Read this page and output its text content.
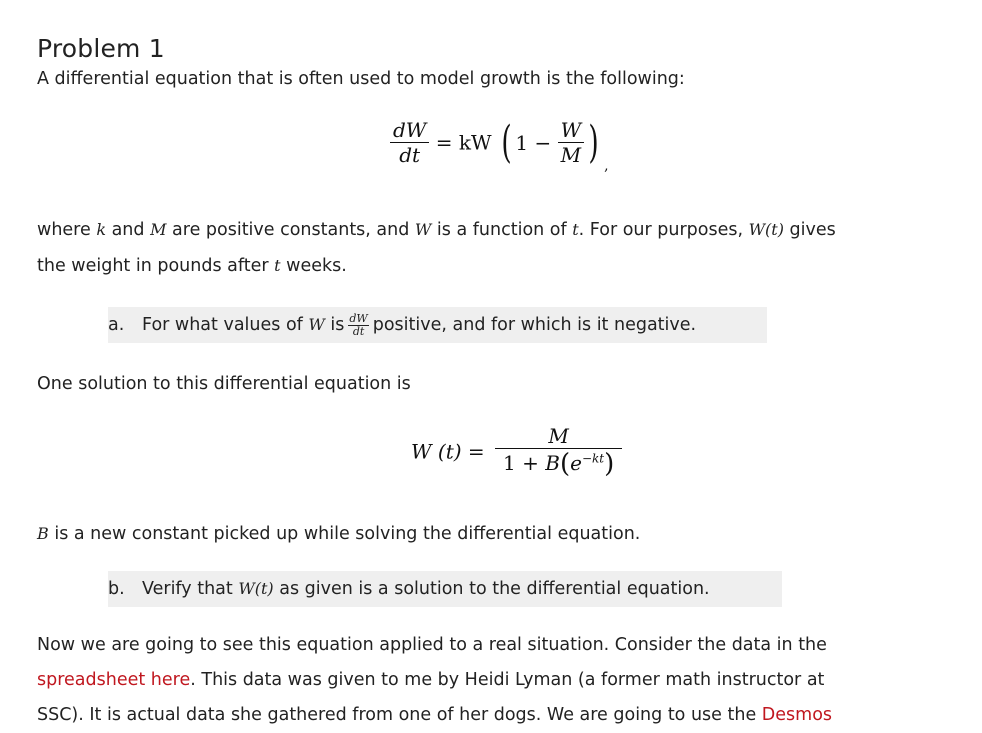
Problem 1

A differential equation that is often used to model growth is the following:

$\frac{dW}{dt}$ = kW ( $1 - \frac{W}{M}$ ) $_,$

where k and M are positive constants, and W is a function of t. For our purposes, W(t) gives
the weight in pounds after t weeks.

a. For what values of W is $\frac{dW}{dt}$ positive, and for which is it negative.

One solution to this differential equation is

W $(t) = \frac{M}{1 + B(e^{-kt})}$

B is a new constant picked up while solving the differential equation.

b. Verify that W(t) as given is a solution to the differential equation.

Now we are going to see this equation applied to a real situation. Consider the data in the
spreadsheet here. This data was given to me by Heidi Lyman (a former math instructor at
SSC). It is actual data she gathered from one of her dogs. We are going to use the Desmos
